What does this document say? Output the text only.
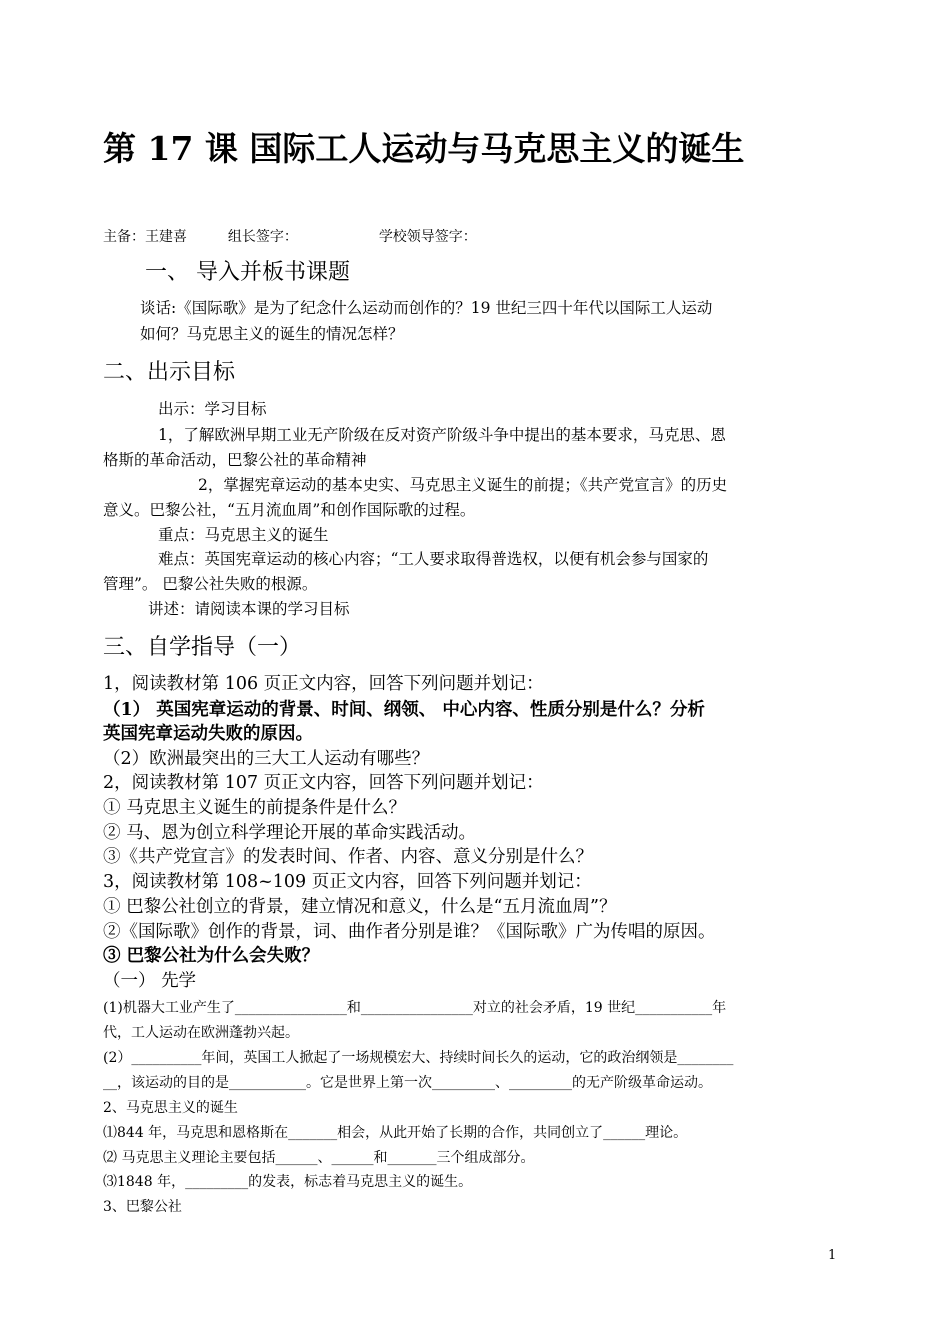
第 17 课 国际工人运动与马克思主义的诞生
主备：王建喜	组长签字：	学校领导签字：
一、 导入并板书课题
谈话:《国际歌》是为了纪念什么运动而创作的？19 世纪三四十年代以国际工人运动
如何？马克思主义的诞生的情况怎样？
二、出示目标
出示：学习目标
1，了解欧洲早期工业无产阶级在反对资产阶级斗争中提出的基本要求，马克思、恩
格斯的革命活动，巴黎公社的革命精神
2，掌握宪章运动的基本史实、马克思主义诞生的前提；《共产党宣言》的历史
意义。巴黎公社，“五月流血周”和创作国际歌的过程。
重点：马克思主义的诞生
难点：英国宪章运动的核心内容；“工人要求取得普选权，以便有机会参与国家的
管理”。 巴黎公社失败的根源。
讲述：请阅读本课的学习目标
三、自学指导（一）
1，阅读教材第 106 页正文内容，回答下列问题并划记：
（1） 英国宪章运动的背景、时间、纲领、 中心内容、性质分别是什么？分析
英国宪章运动失败的原因。
（2）欧洲最突出的三大工人运动有哪些？
2，阅读教材第 107 页正文内容，回答下列问题并划记：
① 马克思主义诞生的前提条件是什么？
② 马、恩为创立科学理论开展的革命实践活动。
③《共产党宣言》的发表时间、作者、内容、意义分别是什么？
3，阅读教材第 108~109 页正文内容，回答下列问题并划记：
① 巴黎公社创立的背景，建立情况和意义，什么是“五月流血周”？
②《国际歌》创作的背景，词、曲作者分别是谁？《国际歌》广为传唱的原因。
③ 巴黎公社为什么会失败？
（一） 先学
(1)机器大工业产生了________________和________________对立的社会矛盾，19 世纪___________年
代，工人运动在欧洲蓬勃兴起。
(2）__________年间，英国工人掀起了一场规模宏大、持续时间长久的运动，它的政治纲领是________
__，该运动的目的是___________。它是世界上第一次_________、_________的无产阶级革命运动。
2、马克思主义的诞生
⑴844 年，马克思和恩格斯在_______相会，从此开始了长期的合作，共同创立了______理论。
⑵ 马克思主义理论主要包括______、______和_______三个组成部分。
⑶1848 年，_________的发表，标志着马克思主义的诞生。
3、巴黎公社
1
